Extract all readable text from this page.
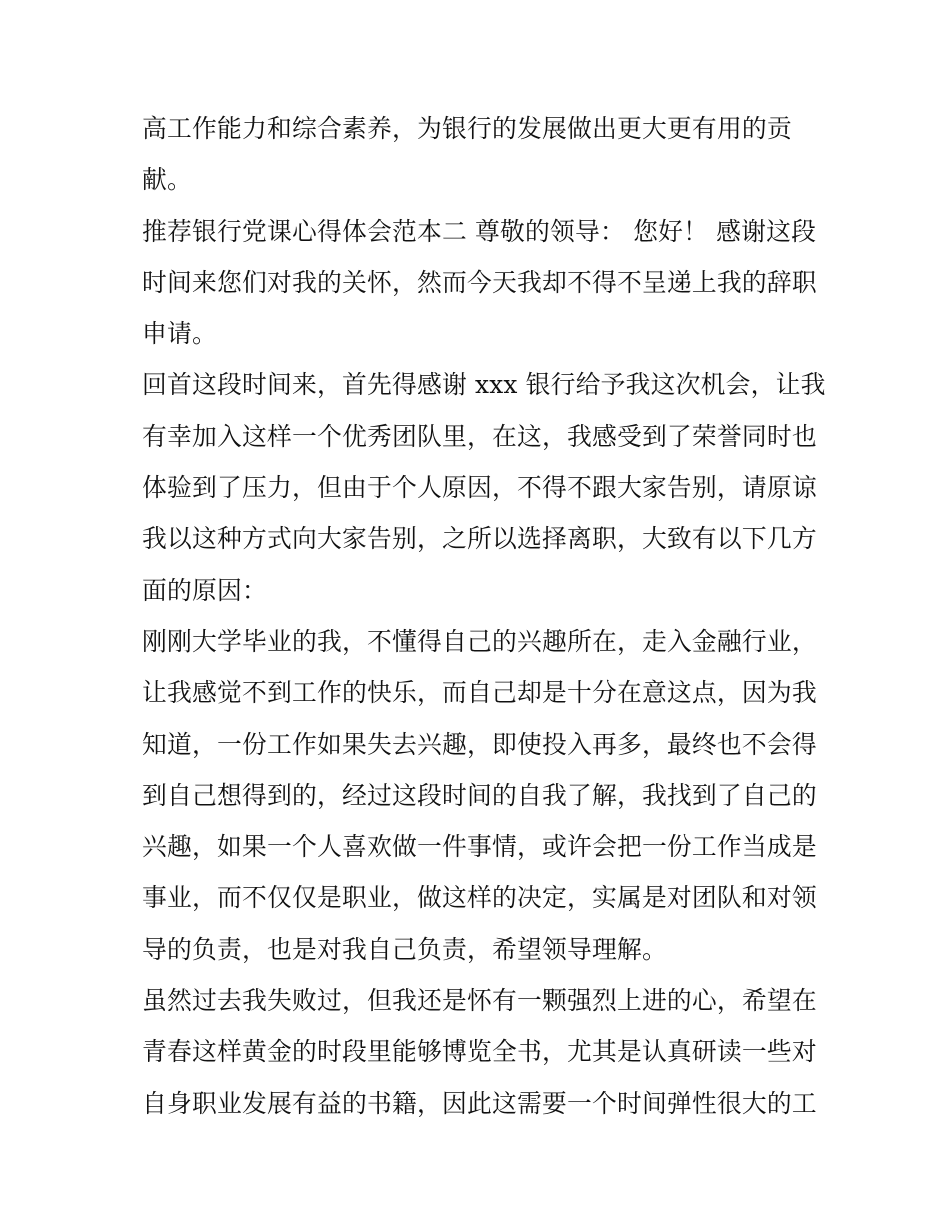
高工作能力和综合素养，为银行的发展做出更大更有用的贡
献。
推荐银行党课心得体会范本二 尊敬的领导： 您好！ 感谢这段
时间来您们对我的关怀，然而今天我却不得不呈递上我的辞职
申请。
回首这段时间来，首先得感谢 xxx 银行给予我这次机会，让我
有幸加入这样一个优秀团队里，在这，我感受到了荣誉同时也
体验到了压力，但由于个人原因，不得不跟大家告别，请原谅
我以这种方式向大家告别，之所以选择离职，大致有以下几方
面的原因：
刚刚大学毕业的我，不懂得自己的兴趣所在，走入金融行业，
让我感觉不到工作的快乐，而自己却是十分在意这点，因为我
知道，一份工作如果失去兴趣，即使投入再多，最终也不会得
到自己想得到的，经过这段时间的自我了解，我找到了自己的
兴趣，如果一个人喜欢做一件事情，或许会把一份工作当成是
事业，而不仅仅是职业，做这样的决定，实属是对团队和对领
导的负责，也是对我自己负责，希望领导理解。
虽然过去我失败过，但我还是怀有一颗强烈上进的心，希望在
青春这样黄金的时段里能够博览全书，尤其是认真研读一些对
自身职业发展有益的书籍，因此这需要一个时间弹性很大的工
